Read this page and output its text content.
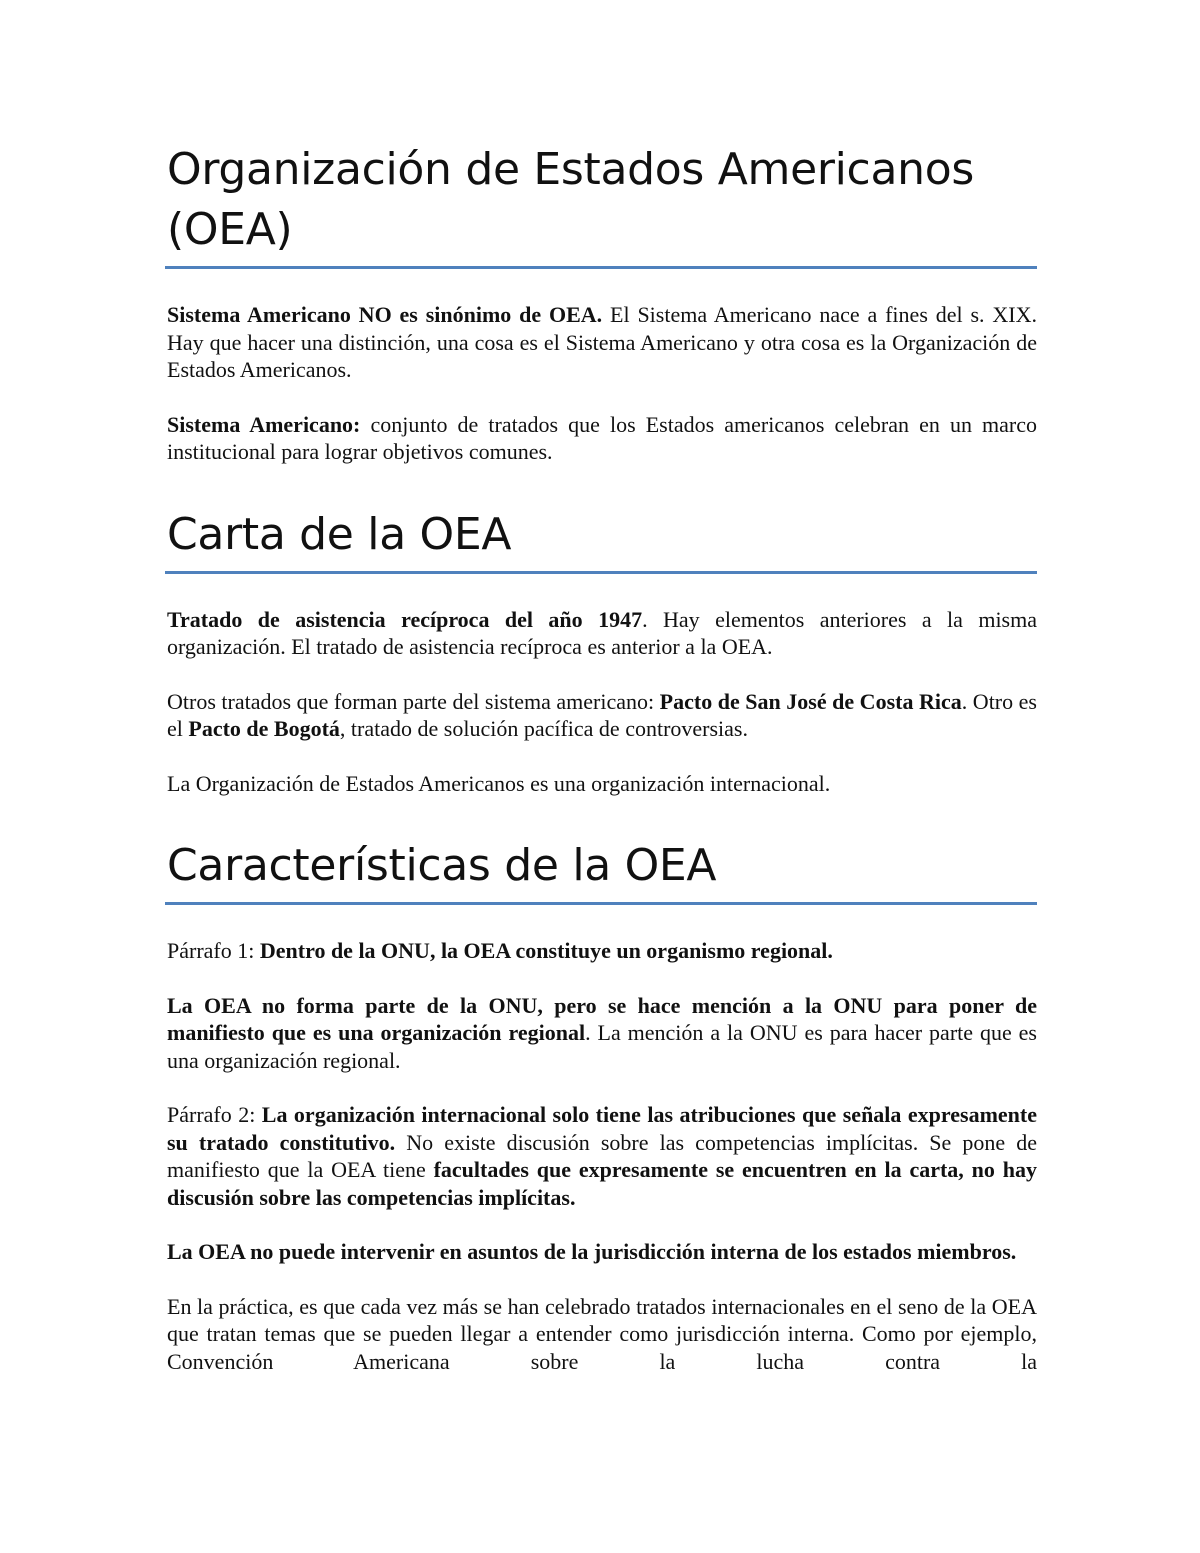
Organización de Estados Americanos (OEA)

Sistema Americano NO es sinónimo de OEA. El Sistema Americano nace a fines del s. XIX. Hay que hacer una distinción, una cosa es el Sistema Americano y otra cosa es la Organización de Estados Americanos.

Sistema Americano: conjunto de tratados que los Estados americanos celebran en un marco institucional para lograr objetivos comunes.

Carta de la OEA

Tratado de asistencia recíproca del año 1947. Hay elementos anteriores a la misma organización. El tratado de asistencia recíproca es anterior a la OEA.

Otros tratados que forman parte del sistema americano: Pacto de San José de Costa Rica. Otro es el Pacto de Bogotá, tratado de solución pacífica de controversias.

La Organización de Estados Americanos es una organización internacional.

Características de la OEA

Párrafo 1: Dentro de la ONU, la OEA constituye un organismo regional.

La OEA no forma parte de la ONU, pero se hace mención a la ONU para poner de manifiesto que es una organización regional. La mención a la ONU es para hacer parte que es una organización regional.

Párrafo 2: La organización internacional solo tiene las atribuciones que señala expresamente su tratado constitutivo. No existe discusión sobre las competencias implícitas. Se pone de manifiesto que la OEA tiene facultades que expresamente se encuentren en la carta, no hay discusión sobre las competencias implícitas.

La OEA no puede intervenir en asuntos de la jurisdicción interna de los estados miembros.

En la práctica, es que cada vez más se han celebrado tratados internacionales en el seno de la OEA que tratan temas que se pueden llegar a entender como jurisdicción interna. Como por ejemplo, Convención Americana sobre la lucha contra la
